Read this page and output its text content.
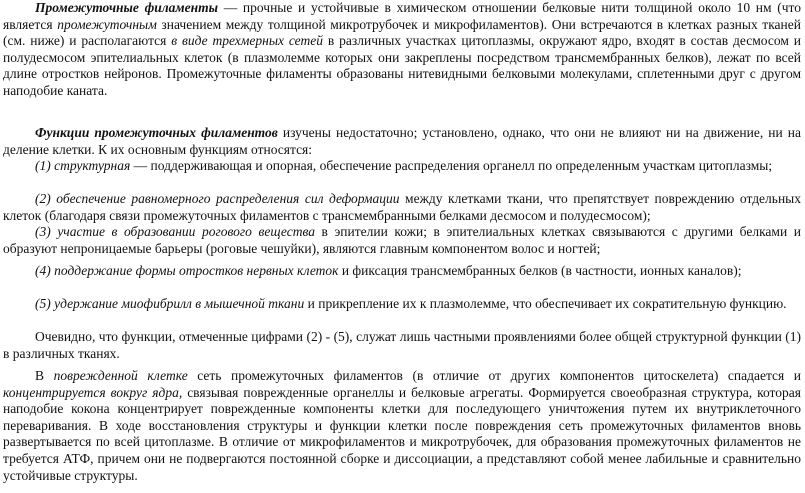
Промежуточные филаменты — прочные и устойчивые в химическом отношении белковые нити толщиной около 10 нм (что является промежуточным значением между толщиной микротрубочек и микрофиламентов). Они встречаются в клетках разных тканей (см. ниже) и располагаются в виде трехмерных сетей в различных участках цитоплазмы, окружают ядро, входят в состав десмосом и полудесмосом эпителиальных клеток (в плазмолемме которых они закреплены посредством трансмембранных белков), лежат по всей длине отростков нейронов. Промежуточные филаменты образованы нитевидными белковыми молекулами, сплетенными друг с другом наподобие каната.

Функции промежуточных филаментов изучены недостаточно; установлено, однако, что они не влияют ни на движение, ни на деление клетки. К их основным функциям относятся:

(1) структурная — поддерживающая и опорная, обеспечение распределения органелл по определенным участкам цитоплазмы;

(2) обеспечение равномерного распределения сил деформации между клетками ткани, что препятствует повреждению отдельных клеток (благодаря связи промежуточных филаментов с трансмембранными белками десмосом и полудесмосом);

(3) участие в образовании рогового вещества в эпителии кожи; в эпителиальных клетках связываются с другими белками и образуют непроницаемые барьеры (роговые чешуйки), являются главным компонентом волос и ногтей;

(4) поддержание формы отростков нервных клеток и фиксация трансмембранных белков (в частности, ионных каналов);

(5) удержание миофибрилл в мышечной ткани и прикрепление их к плазмолемме, что обеспечивает их сократительную функцию.

Очевидно, что функции, отмеченные цифрами (2) - (5), служат лишь частными проявлениями более общей структурной функции (1) в различных тканях.

В поврежденной клетке сеть промежуточных филаментов (в отличие от других компонентов цитоскелета) спадается и концентрируется вокруг ядра, связывая поврежденные органеллы и белковые агрегаты. Формируется своеобразная структура, которая наподобие кокона концентрирует поврежденные компоненты клетки для последующего уничтожения путем их внутриклеточного переваривания. В ходе восстановления структуры и функции клетки после повреждения сеть промежуточных филаментов вновь развертывается по всей цитоплазме. В отличие от микрофиламентов и микротрубочек, для образования промежуточных филаментов не требуется АТФ, причем они не подвергаются постоянной сборке и диссоциации, а представляют собой менее лабильные и сравнительно устойчивые структуры.
